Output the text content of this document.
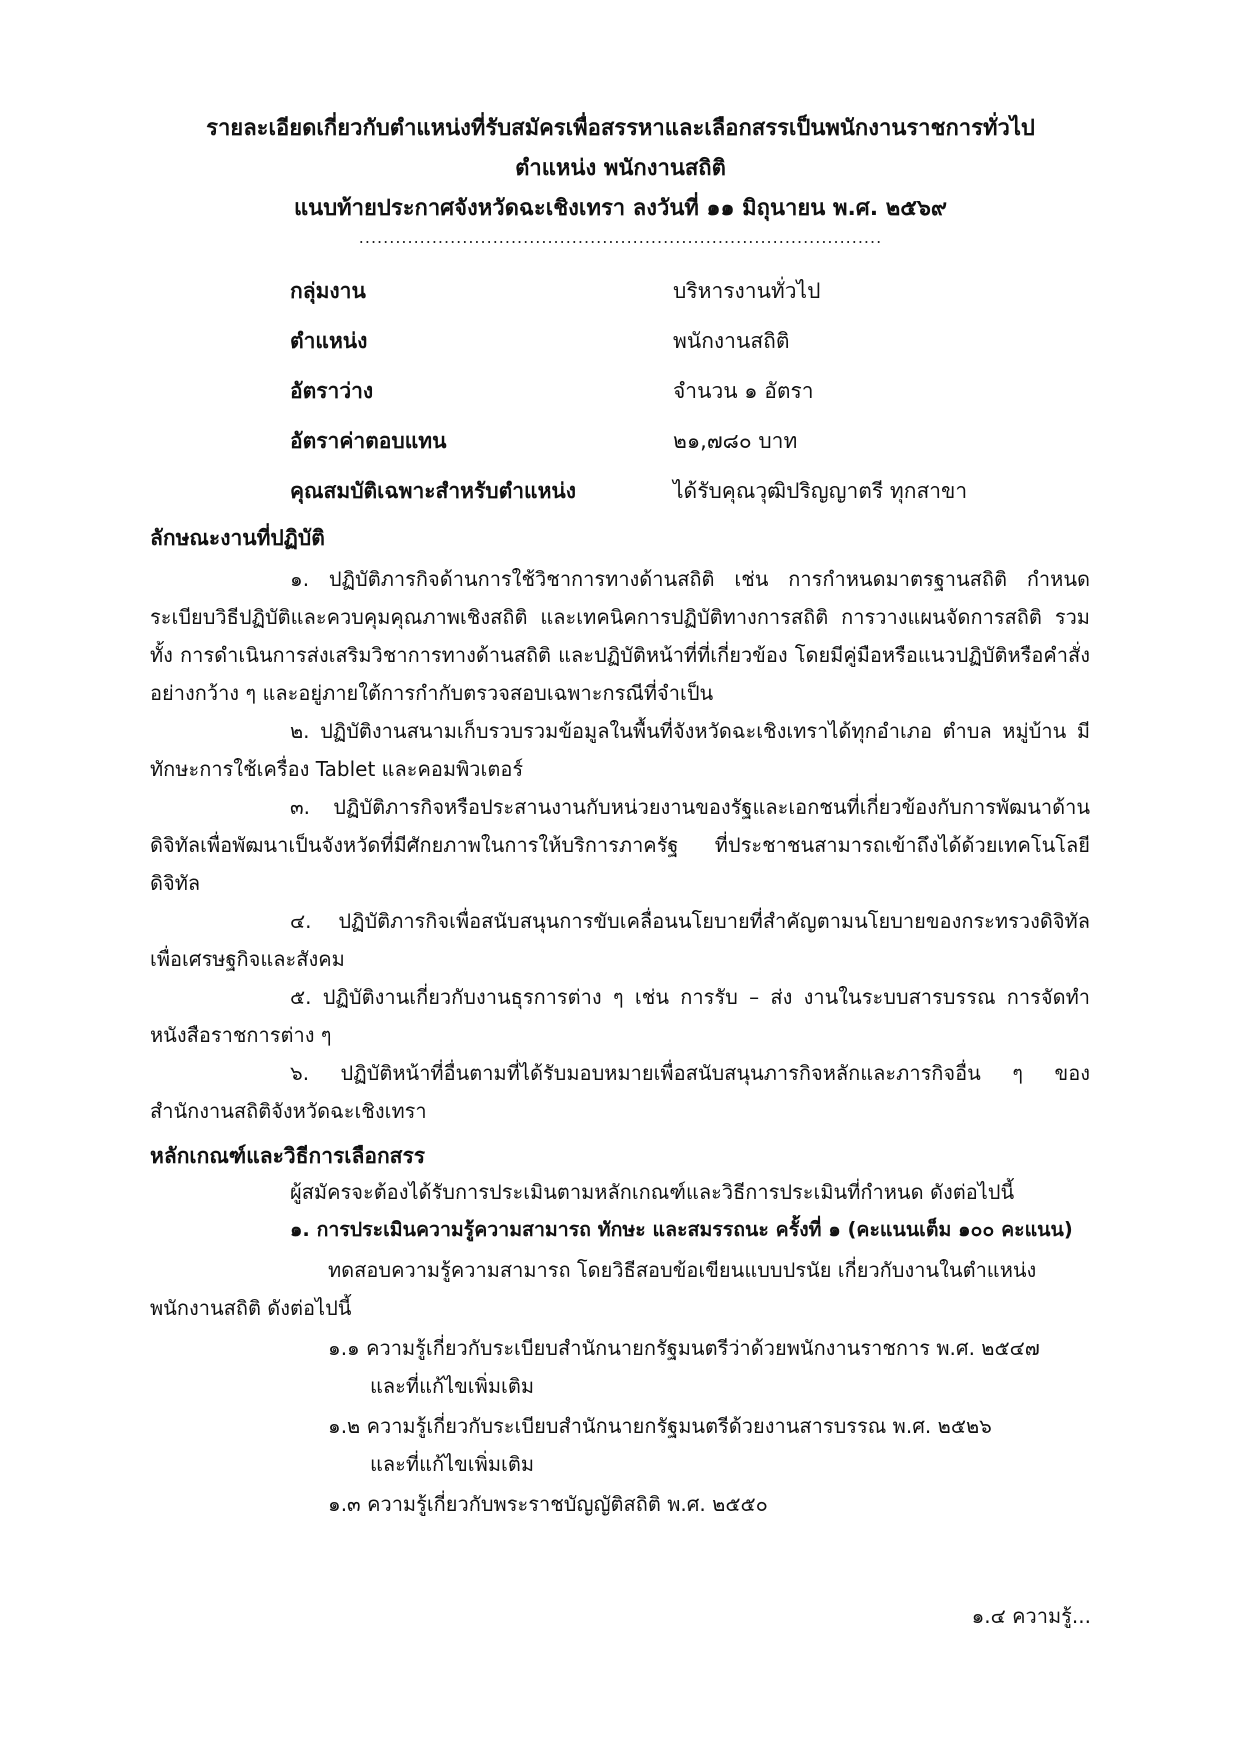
รายละเอียดเกี่ยวกับตำแหน่งที่รับสมัครเพื่อสรรหาและเลือกสรรเป็นพนักงานราชการทั่วไป
ตำแหน่ง พนักงานสถิติ
แนบท้ายประกาศจังหวัดฉะเชิงเทรา ลงวันที่ ๑๑ มิถุนายน พ.ศ. ๒๕๖๙
......................................................................................
กลุ่มงาน	บริหารงานทั่วไป
ตำแหน่ง	พนักงานสถิติ
อัตราว่าง	จำนวน ๑ อัตรา
อัตราค่าตอบแทน	๒๑,๗๘๐ บาท
คุณสมบัติเฉพาะสำหรับตำแหน่ง	ได้รับคุณวุฒิปริญญาตรี ทุกสาขา
ลักษณะงานที่ปฏิบัติ
๑. ปฏิบัติภารกิจด้านการใช้วิชาการทางด้านสถิติ เช่น การกำหนดมาตรฐานสถิติ กำหนดระเบียบวิธีปฏิบัติและควบคุมคุณภาพเชิงสถิติ และเทคนิคการปฏิบัติทางการสถิติ การวางแผนจัดการสถิติ รวมทั้ง การดำเนินการส่งเสริมวิชาการทางด้านสถิติ และปฏิบัติหน้าที่ที่เกี่ยวข้อง โดยมีคู่มือหรือแนวปฏิบัติหรือคำสั่งอย่างกว้าง ๆ และอยู่ภายใต้การกำกับตรวจสอบเฉพาะกรณีที่จำเป็น
๒. ปฏิบัติงานสนามเก็บรวบรวมข้อมูลในพื้นที่จังหวัดฉะเชิงเทราได้ทุกอำเภอ ตำบล หมู่บ้าน มีทักษะการใช้เครื่อง Tablet และคอมพิวเตอร์
๓. ปฏิบัติภารกิจหรือประสานงานกับหน่วยงานของรัฐและเอกชนที่เกี่ยวข้องกับการพัฒนาด้านดิจิทัลเพื่อพัฒนาเป็นจังหวัดที่มีศักยภาพในการให้บริการภาครัฐ ที่ประชาชนสามารถเข้าถึงได้ด้วยเทคโนโลยีดิจิทัล
๔. ปฏิบัติภารกิจเพื่อสนับสนุนการขับเคลื่อนนโยบายที่สำคัญตามนโยบายของกระทรวงดิจิทัลเพื่อเศรษฐกิจและสังคม
๕. ปฏิบัติงานเกี่ยวกับงานธุรการต่าง ๆ เช่น การรับ – ส่ง งานในระบบสารบรรณ การจัดทำหนังสือราชการต่าง ๆ
๖. ปฏิบัติหน้าที่อื่นตามที่ได้รับมอบหมายเพื่อสนับสนุนภารกิจหลักและภารกิจอื่น ๆ ของสำนักงานสถิติจังหวัดฉะเชิงเทรา
หลักเกณฑ์และวิธีการเลือกสรร
ผู้สมัครจะต้องได้รับการประเมินตามหลักเกณฑ์และวิธีการประเมินที่กำหนด ดังต่อไปนี้
๑. การประเมินความรู้ความสามารถ ทักษะ และสมรรถนะ ครั้งที่ ๑ (คะแนนเต็ม ๑๐๐ คะแนน)
ทดสอบความรู้ความสามารถ โดยวิธีสอบข้อเขียนแบบปรนัย เกี่ยวกับงานในตำแหน่ง
พนักงานสถิติ ดังต่อไปนี้
๑.๑ ความรู้เกี่ยวกับระเบียบสำนักนายกรัฐมนตรีว่าด้วยพนักงานราชการ พ.ศ. ๒๕๔๗
และที่แก้ไขเพิ่มเติม
๑.๒ ความรู้เกี่ยวกับระเบียบสำนักนายกรัฐมนตรีด้วยงานสารบรรณ พ.ศ. ๒๕๒๖
และที่แก้ไขเพิ่มเติม
๑.๓ ความรู้เกี่ยวกับพระราชบัญญัติสถิติ พ.ศ. ๒๕๕๐
๑.๔ ความรู้...
